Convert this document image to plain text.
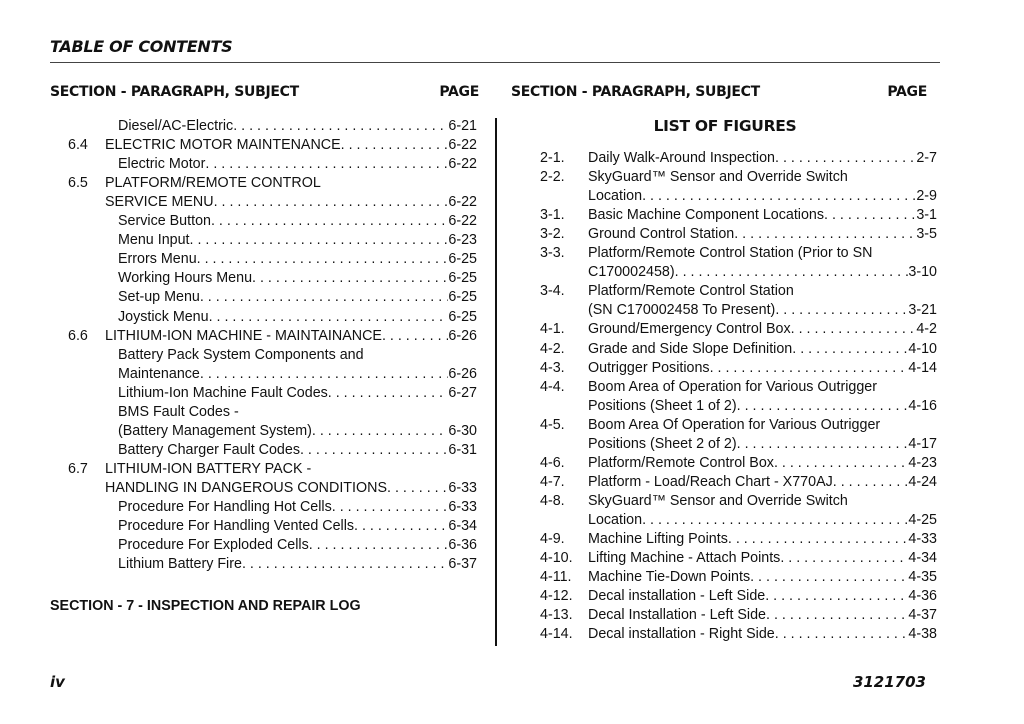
TABLE OF CONTENTS
SECTION - PARAGRAPH, SUBJECT	PAGE SECTION - PARAGRAPH, SUBJECT	PAGE
Diesel/AC-Electric . . .	6-21
6.4 ELECTRIC MOTOR MAINTENANCE . . .	6-22
Electric Motor . . .	6-22
6.5 PLATFORM/REMOTE CONTROL
SERVICE MENU . . .	6-22
Service Button . . .	6-22
Menu Input . . .	6-23
Errors Menu . . .	6-25
Working Hours Menu . . .	6-25
Set-up Menu . . .	6-25
Joystick Menu . . .	6-25
6.6 LITHIUM-ION MACHINE - MAINTAINANCE . . .	6-26
Battery Pack System Components and
Maintenance . . .	6-26
Lithium-Ion Machine Fault Codes . . .	6-27
BMS Fault Codes -
(Battery Management System) . . .	6-30
Battery Charger Fault Codes . . .	6-31
6.7 LITHIUM-ION BATTERY PACK -
HANDLING IN DANGEROUS CONDITIONS . . .	6-33
Procedure For Handling Hot Cells . . .	6-33
Procedure For Handling Vented Cells . . .	6-34
Procedure For Exploded Cells . . .	6-36
Lithium Battery Fire . . .	6-37
SECTION - 7 - INSPECTION AND REPAIR LOG
LIST OF FIGURES
2-1. Daily Walk-Around Inspection . . .	2-7
2-2. SkyGuard™ Sensor and Override Switch
Location . . .	2-9
3-1. Basic Machine Component Locations . . .	3-1
3-2. Ground Control Station . . .	3-5
3-3. Platform/Remote Control Station (Prior to SN
C170002458) . . .	3-10
3-4. Platform/Remote Control Station
(SN C170002458 To Present) . . .	3-21
4-1. Ground/Emergency Control Box . . .	4-2
4-2. Grade and Side Slope Definition . . .	4-10
4-3. Outrigger Positions . . .	4-14
4-4. Boom Area of Operation for Various Outrigger
Positions (Sheet 1 of 2) . . .	4-16
4-5. Boom Area Of Operation for Various Outrigger
Positions (Sheet 2 of 2) . . .	4-17
4-6. Platform/Remote Control Box . . .	4-23
4-7. Platform - Load/Reach Chart - X770AJ . . .	4-24
4-8. SkyGuard™ Sensor and Override Switch
Location . . .	4-25
4-9. Machine Lifting Points . . .	4-33
4-10. Lifting Machine - Attach Points . . .	4-34
4-11. Machine Tie-Down Points . . .	4-35
4-12. Decal installation - Left Side . . .	4-36
4-13. Decal Installation - Left Side . . .	4-37
4-14. Decal installation - Right Side . . .	4-38
iv	3121703
